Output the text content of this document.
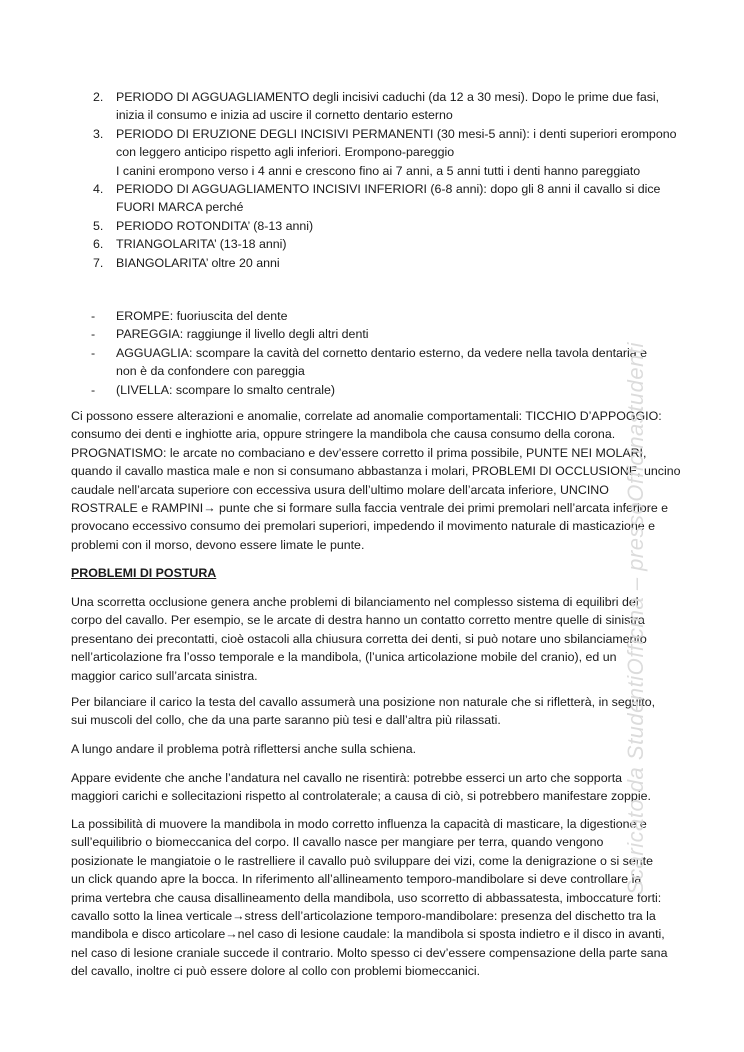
2. PERIODO DI AGGUAGLIAMENTO degli incisivi caduchi (da 12 a 30 mesi). Dopo le prime due fasi,
inizia il consumo e inizia ad uscire il cornetto dentario esterno
3. PERIODO DI ERUZIONE DEGLI INCISIVI PERMANENTI (30 mesi-5 anni): i denti superiori erompono
con leggero anticipo rispetto agli inferiori. Erompono-pareggio
I canini erompono verso i 4 anni e crescono fino ai 7 anni, a 5 anni tutti i denti hanno pareggiato
4. PERIODO DI AGGUAGLIAMENTO INCISIVI INFERIORI (6-8 anni): dopo gli 8 anni il cavallo si dice
FUORI MARCA perché
5. PERIODO ROTONDITA’ (8-13 anni)
6. TRIANGOLARITA’ (13-18 anni)
7. BIANGOLARITA’ oltre 20 anni
- EROMPE: fuoriuscita del dente
- PAREGGIA: raggiunge il livello degli altri denti
- AGGUAGLIA: scompare la cavità del cornetto dentario esterno, da vedere nella tavola dentaria e
non è da confondere con pareggia
- (LIVELLA: scompare lo smalto centrale)
Ci possono essere alterazioni e anomalie, correlate ad anomalie comportamentali: TICCHIO D’APPOGGIO:
consumo dei denti e inghiotte aria, oppure stringere la mandibola che causa consumo della corona.
PROGNATISMO: le arcate no combaciano e dev’essere corretto il prima possibile, PUNTE NEI MOLARI,
quando il cavallo mastica male e non si consumano abbastanza i molari, PROBLEMI DI OCCLUSIONE, uncino
caudale nell’arcata superiore con eccessiva usura dell’ultimo molare dell’arcata inferiore, UNCINO
ROSTRALE e RAMPINI→ punte che si formare sulla faccia ventrale dei primi premolari nell’arcata inferiore e
provocano eccessivo consumo dei premolari superiori, impedendo il movimento naturale di masticazione e
problemi con il morso, devono essere limate le punte.
PROBLEMI DI POSTURA
Una scorretta occlusione genera anche problemi di bilanciamento nel complesso sistema di equilibri del
corpo del cavallo. Per esempio, se le arcate di destra hanno un contatto corretto mentre quelle di sinistra
presentano dei precontatti, cioè ostacoli alla chiusura corretta dei denti, si può notare uno sbilanciamento
nell’articolazione fra l’osso temporale e la mandibola, (l’unica articolazione mobile del cranio), ed un
maggior carico sull’arcata sinistra.
Per bilanciare il carico la testa del cavallo assumerà una posizione non naturale che si rifletterà, in seguito,
sui muscoli del collo, che da una parte saranno più tesi e dall’altra più rilassati.
A lungo andare il problema potrà riflettersi anche sulla schiena.
Appare evidente che anche l’andatura nel cavallo ne risentirà: potrebbe esserci un arto che sopporta
maggiori carichi e sollecitazioni rispetto al controlaterale; a causa di ciò, si potrebbero manifestare zoppie.
La possibilità di muovere la mandibola in modo corretto influenza la capacità di masticare, la digestione e
sull’equilibrio o biomeccanica del corpo. Il cavallo nasce per mangiare per terra, quando vengono
posizionate le mangiatoie o le rastrelliere il cavallo può sviluppare dei vizi, come la denigrazione o si sente
un click quando apre la bocca. In riferimento all’allineamento temporo-mandibolare si deve controllare la
prima vertebra che causa disallineamento della mandibola, uso scorretto di abbassatesta, imboccature forti:
cavallo sotto la linea verticale→stress dell’articolazione temporo-mandibolare: presenza del dischetto tra la
mandibola e disco articolare→nel caso di lesione caudale: la mandibola si sposta indietro e il disco in avanti,
nel caso di lesione craniale succede il contrario. Molto spesso ci dev’essere compensazione della parte sana
del cavallo, inoltre ci può essere dolore al collo con problemi biomeccanici.
Scaricato da StudentiOfficina – pressoOfficinastudenti
